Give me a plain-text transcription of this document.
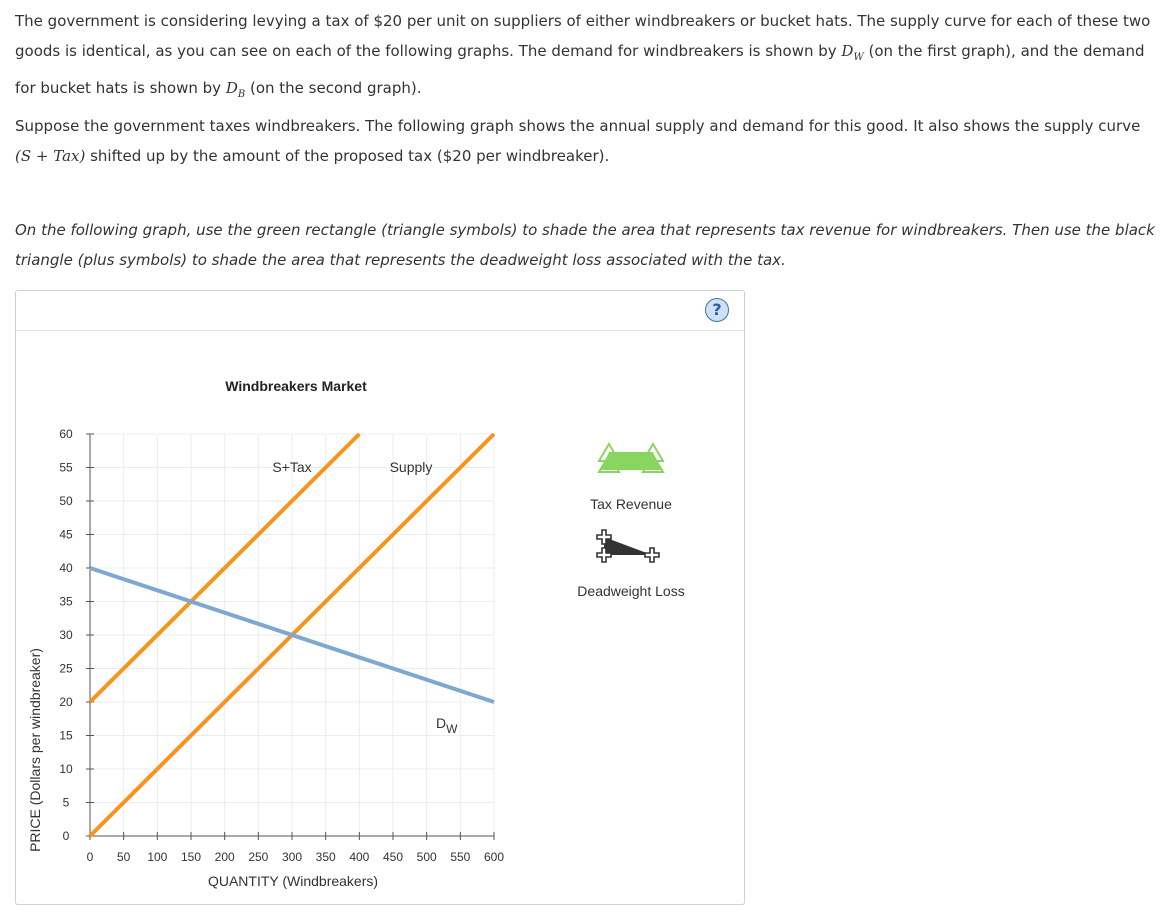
The government is considering levying a tax of $20 per unit on suppliers of either windbreakers or bucket hats. The supply curve for each of these two goods is identical, as you can see on each of the following graphs. The demand for windbreakers is shown by $D_W$ (on the first graph), and the demand for bucket hats is shown by $D_B$ (on the second graph).

Suppose the government taxes windbreakers. The following graph shows the annual supply and demand for this good. It also shows the supply curve (S + Tax) shifted up by the amount of the proposed tax ($20 per windbreaker).

On the following graph, use the green rectangle (triangle symbols) to shade the area that represents tax revenue for windbreakers. Then use the black triangle (plus symbols) to shade the area that represents the deadweight loss associated with the tax.

?
0 50 100 150 200 250 300 350 400 450 500 550 600
0
5
10
15
20
25
30
35
40
45
50
55
60
Windbreakers Market
QUANTITY (Windbreakers)
PRICE (Dollars per windbreaker)
S+Tax	Supply
DW
Tax Revenue
Deadweight Loss
